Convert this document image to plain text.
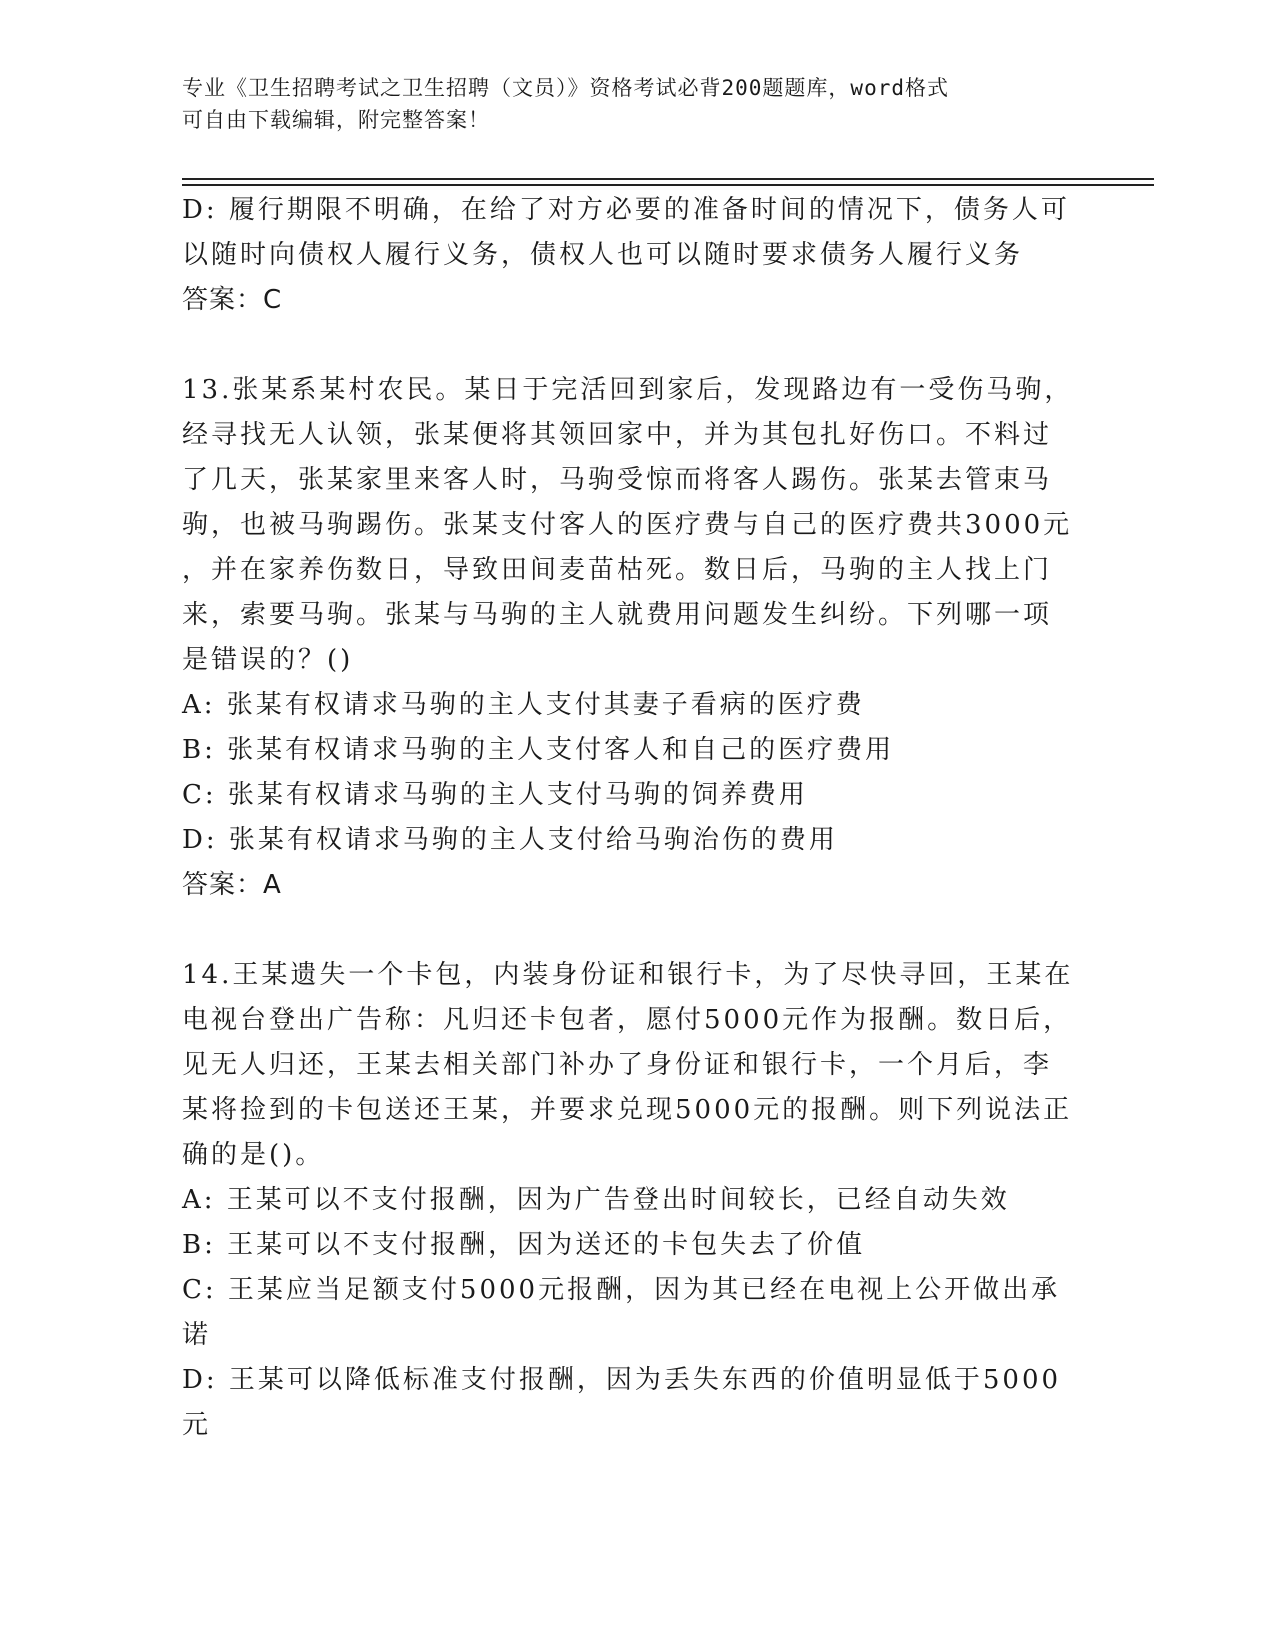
专业《卫生招聘考试之卫生招聘（文员）》资格考试必背200题题库，word格式
可自由下载编辑，附完整答案！
D: 履行期限不明确，在给了对方必要的准备时间的情况下，债务人可
以随时向债权人履行义务，债权人也可以随时要求债务人履行义务
答案：C
13.张某系某村农民。某日于完活回到家后，发现路边有一受伤马驹，
经寻找无人认领，张某便将其领回家中，并为其包扎好伤口。不料过
了几天，张某家里来客人时，马驹受惊而将客人踢伤。张某去管束马
驹，也被马驹踢伤。张某支付客人的医疗费与自己的医疗费共3000元
，并在家养伤数日，导致田间麦苗枯死。数日后，马驹的主人找上门
来，索要马驹。张某与马驹的主人就费用问题发生纠纷。下列哪一项
是错误的？()
A: 张某有权请求马驹的主人支付其妻子看病的医疗费
B: 张某有权请求马驹的主人支付客人和自己的医疗费用
C: 张某有权请求马驹的主人支付马驹的饲养费用
D: 张某有权请求马驹的主人支付给马驹治伤的费用
答案：A
14.王某遗失一个卡包，内装身份证和银行卡，为了尽快寻回，王某在
电视台登出广告称：凡归还卡包者，愿付5000元作为报酬。数日后，
见无人归还，王某去相关部门补办了身份证和银行卡，一个月后，李
某将捡到的卡包送还王某，并要求兑现5000元的报酬。则下列说法正
确的是()。
A: 王某可以不支付报酬，因为广告登出时间较长，已经自动失效
B: 王某可以不支付报酬，因为送还的卡包失去了价值
C: 王某应当足额支付5000元报酬，因为其已经在电视上公开做出承
诺
D: 王某可以降低标准支付报酬，因为丢失东西的价值明显低于5000
元
